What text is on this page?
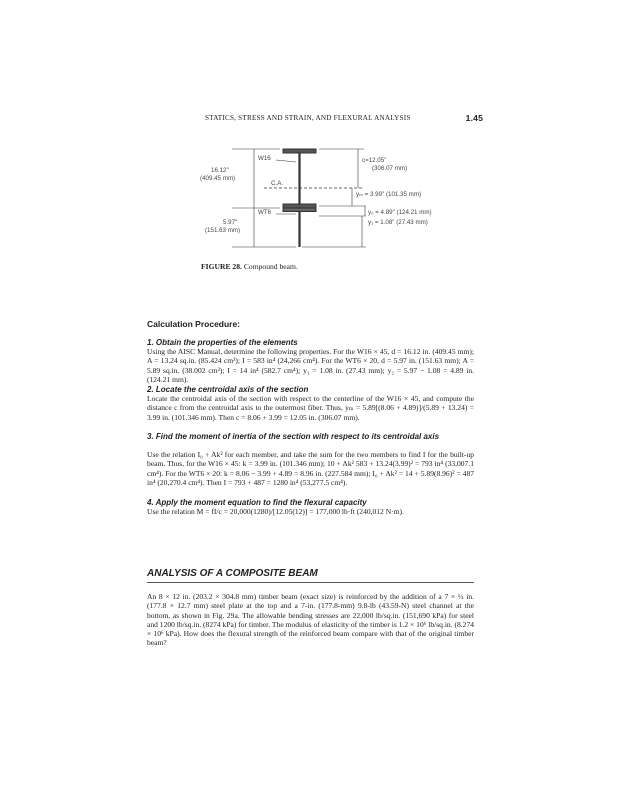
STATICS, STRESS AND STRAIN, AND FLEXURAL ANALYSIS	1.45
W16
16.12"
(409.45 mm)
C.A.
WT6
5.97"
(151.63 mm)
c=12.05"
(306.07 mm)
yₘ = 3.99" (101.35 mm)
y₂ = 4.89" (124.21 mm)
y₁ = 1.08" (27.43 mm)
FIGURE 28. Compound beam.
Calculation Procedure:
1. Obtain the properties of the elements
Using the AISC Manual, determine the following properties. For the W16 × 45, d = 16.12 in. (409.45 mm); A = 13.24 sq.in. (85.424 cm²); I = 583 in⁴ (24,266 cm⁴). For the WT6 × 20, d = 5.97 in. (151.63 mm); A = 5.89 sq.in. (38.002 cm²); I = 14 in⁴ (582.7 cm⁴); y₁ = 1.08 in. (27.43 mm); y₂ = 5.97 − 1.08 = 4.89 in. (124.21 mm).
2. Locate the centroidal axis of the section
Locate the centroidal axis of the section with respect to the centerline of the W16 × 45, and compute the distance c from the centroidal axis to the outermost fiber. Thus, yₘ = 5.89[(8.06 + 4.89)]/(5.89 + 13.24) = 3.99 in. (101.346 mm). Then c = 8.06 + 3.99 = 12.05 in. (306.07 mm).
3. Find the moment of inertia of the section with respect to its centroidal axis
Use the relation I₀ + Ak² for each member, and take the sum for the two members to find I for the built-up beam. Thus, for the W16 × 45: k = 3.99 in. (101.346 mm); 10 + Ak² 583 + 13.24(3.99)² = 793 in⁴ (33,007.1 cm⁴). For the WT6 × 20: k = 8.06 − 3.99 + 4.89 = 8.96 in. (227.584 mm); I₀ + Ak² = 14 + 5.89(8.96)² = 487 in⁴ (20,270.4 cm⁴). Then I = 793 + 487 = 1280 in⁴ (53,277.5 cm⁴).
4. Apply the moment equation to find the flexural capacity
Use the relation M = fI/c = 20,000(1280)/[12.05(12)] = 177,000 lb·ft (240,012 N·m).
ANALYSIS OF A COMPOSITE BEAM
An 8 × 12 in. (203.2 × 304.8 mm) timber beam (exact size) is reinforced by the addition of a 7 × ½ in. (177.8 × 12.7 mm) steel plate at the top and a 7-in. (177.8-mm) 9.8-lb (43.59-N) steel channel at the bottom, as shown in Fig. 29a. The allowable bending stresses are 22,000 lb/sq.in. (151,690 kPa) for steel and 1200 lb/sq.in. (8274 kPa) for timber. The modulus of elasticity of the timber is 1.2 × 10⁶ lb/sq.in. (8.274 × 10⁶ kPa). How does the flexural strength of the reinforced beam compare with that of the original timber beam?
